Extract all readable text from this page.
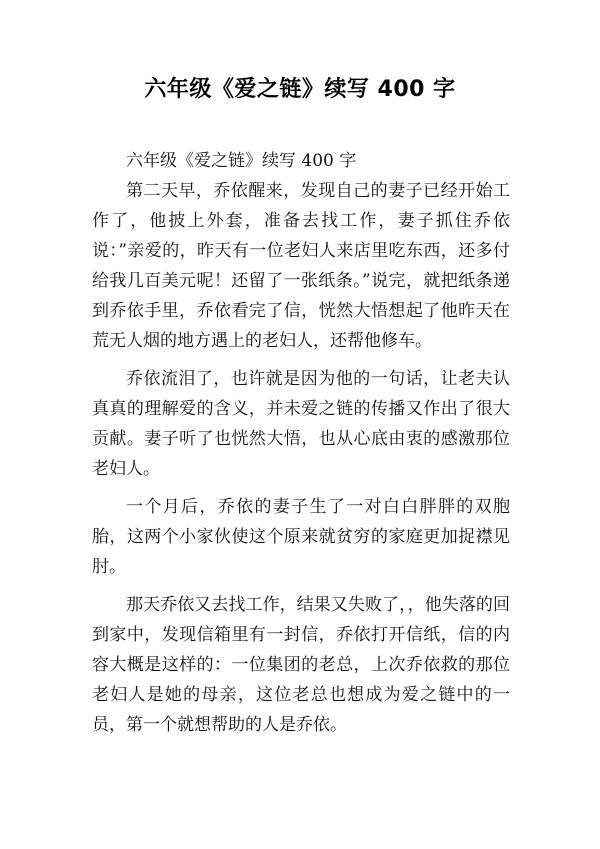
六年级《爱之链》续写 400 字

六年级《爱之链》续写 400 字

第二天早，乔依醒来，发现自己的妻子已经开始工作了，他披上外套，准备去找工作，妻子抓住乔依说：”亲爱的，昨天有一位老妇人来店里吃东西，还多付给我几百美元呢！还留了一张纸条。”说完，就把纸条递到乔依手里，乔依看完了信，恍然大悟想起了他昨天在荒无人烟的地方遇上的老妇人，还帮他修车。

乔依流泪了，也许就是因为他的一句话，让老夫认真真的理解爱的含义，并未爱之链的传播又作出了很大贡献。妻子听了也恍然大悟，也从心底由衷的感激那位老妇人。

一个月后，乔依的妻子生了一对白白胖胖的双胞胎，这两个小家伙使这个原来就贫穷的家庭更加捉襟见肘。

那天乔依又去找工作，结果又失败了，，他失落的回到家中，发现信箱里有一封信，乔依打开信纸，信的内容大概是这样的：一位集团的老总，上次乔依救的那位老妇人是她的母亲，这位老总也想成为爱之链中的一员，第一个就想帮助的人是乔依。
